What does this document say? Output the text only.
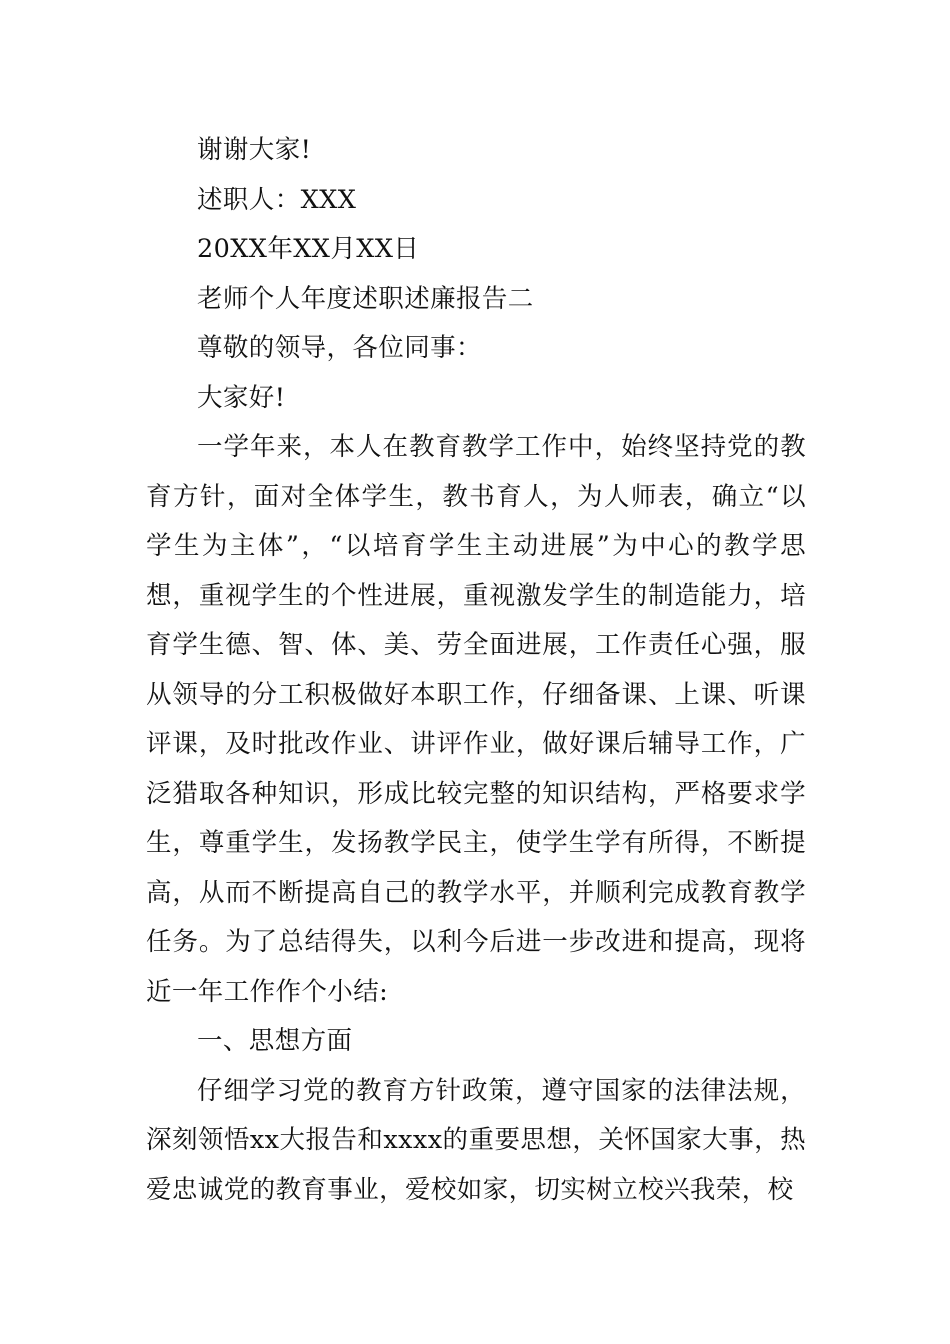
谢谢大家!

述职人：XXX

20XX年XX月XX日

老师个人年度述职述廉报告二

尊敬的领导，各位同事：

大家好!

一学年来，本人在教育教学工作中，始终坚持党的教育方针，面对全体学生，教书育人，为人师表，确立“以学生为主体”，“以培育学生主动进展”为中心的教学思想，重视学生的个性进展，重视激发学生的制造能力，培育学生德、智、体、美、劳全面进展，工作责任心强，服从领导的分工积极做好本职工作，仔细备课、上课、听课评课，及时批改作业、讲评作业，做好课后辅导工作，广泛猎取各种知识，形成比较完整的知识结构，严格要求学生，尊重学生，发扬教学民主，使学生学有所得，不断提高，从而不断提高自己的教学水平，并顺利完成教育教学任务。为了总结得失，以利今后进一步改进和提高，现将近一年工作作个小结:

一、思想方面

仔细学习党的教育方针政策，遵守国家的法律法规，深刻领悟xx大报告和xxxx的重要思想，关怀国家大事，热爱忠诚党的教育事业，爱校如家，切实树立校兴我荣，校
